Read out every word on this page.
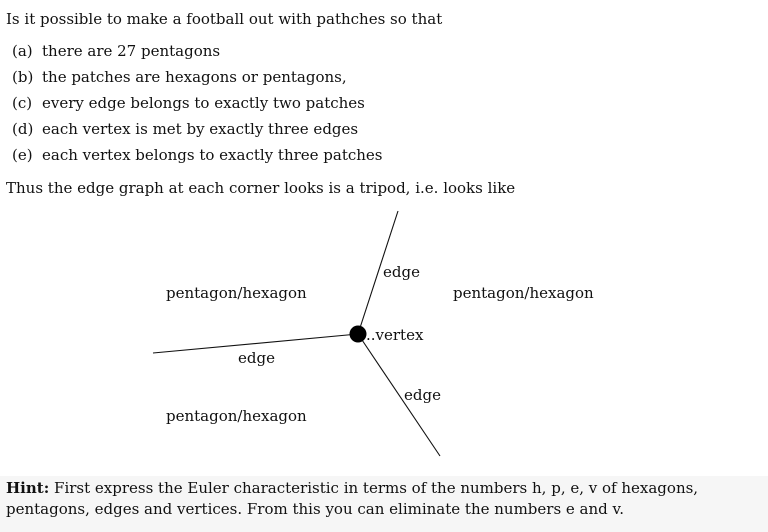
Is it possible to make a football out with pathches so that
(a) there are 27 pentagons
(b) the patches are hexagons or pentagons,
(c) every edge belongs to exactly two patches
(d) each vertex is met by exactly three edges
(e) each vertex belongs to exactly three patches
Thus the edge graph at each corner looks is a tripod, i.e. looks like
edge
edge
edge
..vertex
pentagon/hexagon	pentagon/hexagon
pentagon/hexagon
Hint: First express the Euler characteristic in terms of the numbers h, p, e, v of hexagons, pentagons, edges and vertices. From this you can eliminate the numbers e and v.
